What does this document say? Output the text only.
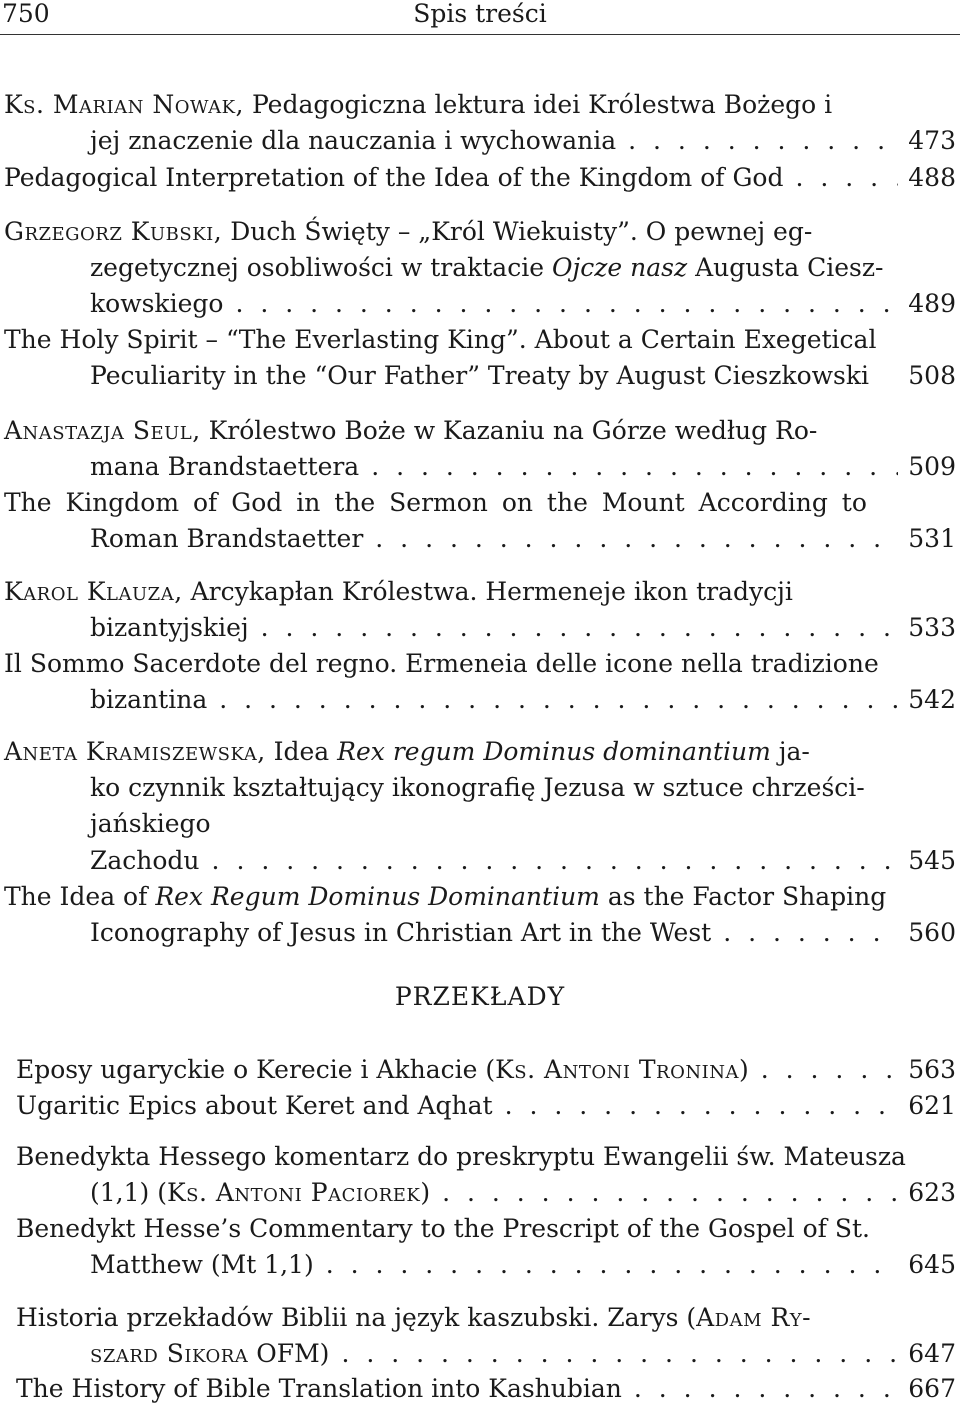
750	Spis treści
Ks. Marian Nowak, Pedagogiczna lektura idei Królestwa Bożego i
jej znaczenie dla nauczania i wychowania . . .	473
Pedagogical Interpretation of the Idea of the Kingdom of God . . .	488
Grzegorz Kubski, Duch Święty – „Król Wiekuisty”. O pewnej eg-
zegetycznej osobliwości w traktacie Ojcze nasz Augusta Ciesz-
kowskiego . . .	489
The Holy Spirit – “The Everlasting King”. About a Certain Exegetical
Peculiarity in the “Our Father” Treaty by August Cieszkowski 508
Anastazja Seul, Królestwo Boże w Kazaniu na Górze według Ro-
mana Brandstaettera . . .	509
The Kingdom of God in the Sermon on the Mount According to
Roman Brandstaetter . . .	531
Karol Klauza, Arcykapłan Królestwa. Hermeneje ikon tradycji
bizantyjskiej . . .	533
Il Sommo Sacerdote del regno. Ermeneia delle icone nella tradizione
bizantina . . .	542
Aneta Kramiszewska, Idea Rex regum Dominus dominantium ja-
ko czynnik kształtujący ikonografię Jezusa w sztuce chrześci-
jańskiego
Zachodu . . .	545
The Idea of Rex Regum Dominus Dominantium as the Factor Shaping
Iconography of Jesus in Christian Art in the West . . .	560
PRZEKŁADY
Eposy ugaryckie o Kerecie i Akhacie (Ks. Antoni Tronina) . . .	563
Ugaritic Epics about Keret and Aqhat . . .	621
Benedykta Hessego komentarz do preskryptu Ewangelii św. Mateusza
(1,1) (Ks. Antoni Paciorek) . . .	623
Benedykt Hesse’s Commentary to the Prescript of the Gospel of St.
Matthew (Mt 1,1) . . .	645
Historia przekładów Biblii na język kaszubski. Zarys (Adam Ry-
szard Sikora OFM) . . .	647
The History of Bible Translation into Kashubian . . .	667
